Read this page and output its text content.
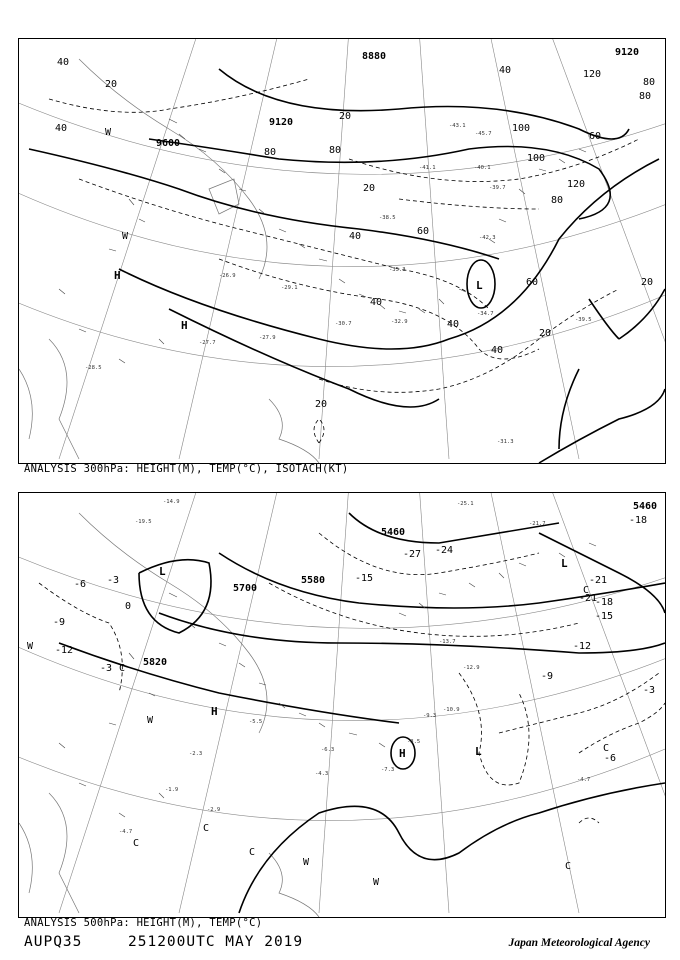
8880
9120
9600
9120
40
20
40
20
40
80
100
120
80
60
40
20
40	60
20
20
40
60
80
120
100
80
20
40
80
H
H
L
W
W
-41.1
-39.7
-38.5
-35.3
-34.7
-32.9
-31.3
-30.7
-29.1
-28.5
-27.9
-27.7
-26.9
-43.1
-45.7
-40.1
-42.3
-39.5
ANALYSIS 300hPa: HEIGHT(M), TEMP(°C), ISOTACH(KT)
5460
5580
5700
5820
5460
-27 -24
-21
-18
-15
-12
-9
-6
-3
-3
0
-3
-6
-9
-12
-15
-18
-21
L
L
H	L
H
C
C
C
C
C
C
C
W
W
W
W
-13.7
-12.9
-10.9
-9.3
-8.5
-7.3
-6.3
-5.5
-4.7
-4.3
-2.9
-2.3
-1.9
-14.9
-19.5
-25.1
-21.7
-4.7
ANALYSIS 500hPa: HEIGHT(M), TEMP(°C)
AUPQ35	251200UTC MAY 2019	Japan Meteorological Agency
